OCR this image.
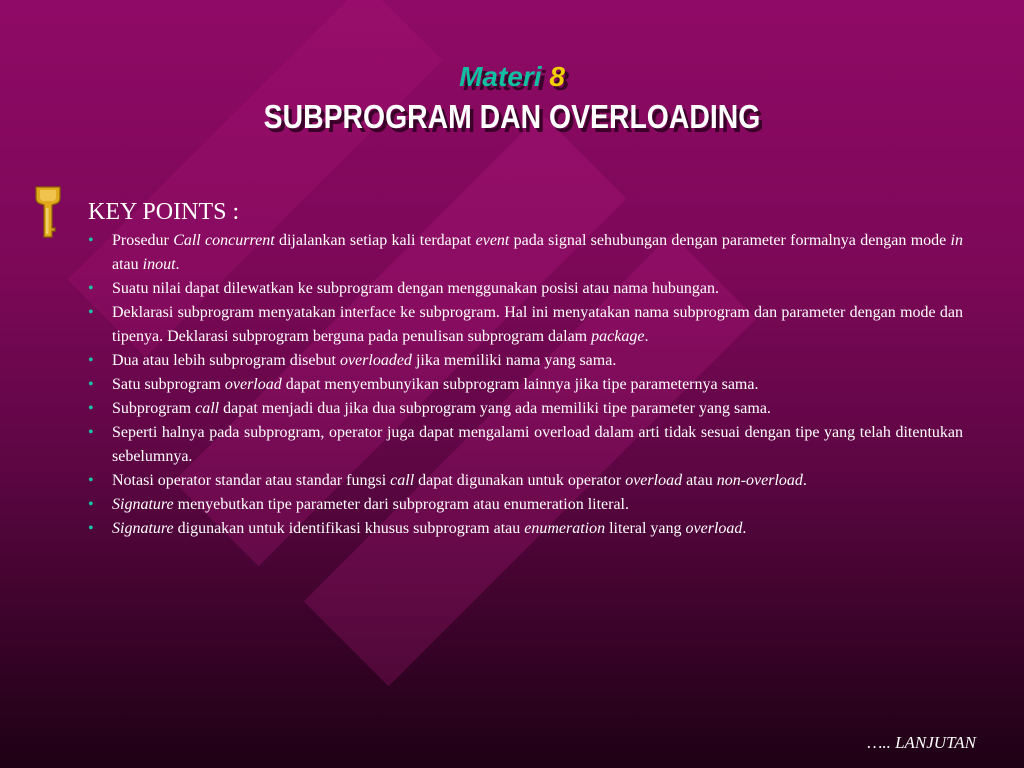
Materi 8
SUBPROGRAM DAN OVERLOADING
KEY POINTS :
• Prosedur Call concurrent dijalankan setiap kali terdapat event pada signal sehubungan dengan parameter formalnya dengan mode in atau inout.
• Suatu nilai dapat dilewatkan ke subprogram dengan menggunakan posisi atau nama hubungan.
• Deklarasi subprogram menyatakan interface ke subprogram. Hal ini menyatakan nama subprogram dan parameter dengan mode dan tipenya. Deklarasi subprogram berguna pada penulisan subprogram dalam package.
• Dua atau lebih subprogram disebut overloaded jika memiliki nama yang sama.
• Satu subprogram overload dapat menyembunyikan subprogram lainnya jika tipe parameternya sama.
• Subprogram call dapat menjadi dua jika dua subprogram yang ada memiliki tipe parameter yang sama.
• Seperti halnya pada subprogram, operator juga dapat mengalami overload dalam arti tidak sesuai dengan tipe yang telah ditentukan sebelumnya.
• Notasi operator standar atau standar fungsi call dapat digunakan untuk operator overload atau non-overload.
• Signature menyebutkan tipe parameter dari subprogram atau enumeration literal.
• Signature digunakan untuk identifikasi khusus subprogram atau enumeration literal yang overload.
….. LANJUTAN
